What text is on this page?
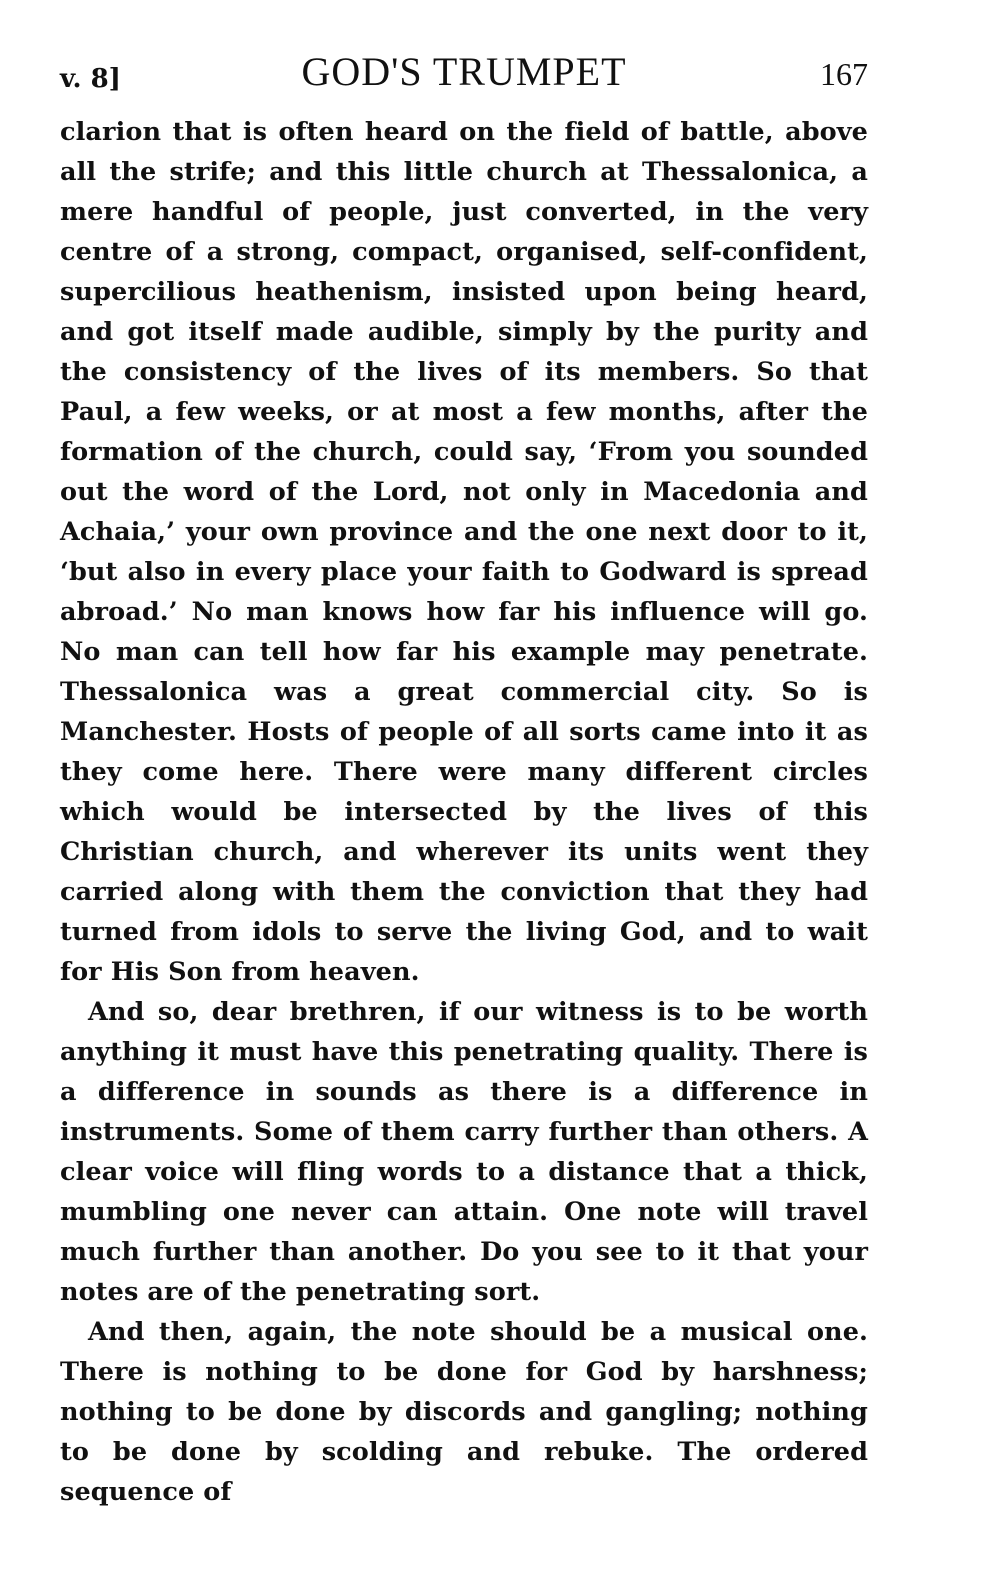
v. 8]	GOD'S TRUMPET	167

clarion that is often heard on the field of battle, above all the strife; and this little church at Thessalonica, a mere handful of people, just converted, in the very centre of a strong, compact, organised, self-confident, supercilious heathenism, insisted upon being heard, and got itself made audible, simply by the purity and the consistency of the lives of its members. So that Paul, a few weeks, or at most a few months, after the formation of the church, could say, ‘From you sounded out the word of the Lord, not only in Macedonia and Achaia,’ your own province and the one next door to it, ‘but also in every place your faith to Godward is spread abroad.’ No man knows how far his influence will go. No man can tell how far his example may penetrate. Thessalonica was a great commercial city. So is Manchester. Hosts of people of all sorts came into it as they come here. There were many different circles which would be intersected by the lives of this Christian church, and wherever its units went they carried along with them the conviction that they had turned from idols to serve the living God, and to wait for His Son from heaven.

And so, dear brethren, if our witness is to be worth anything it must have this penetrating quality. There is a difference in sounds as there is a difference in instruments. Some of them carry further than others. A clear voice will fling words to a distance that a thick, mumbling one never can attain. One note will travel much further than another. Do you see to it that your notes are of the penetrating sort.

And then, again, the note should be a musical one. There is nothing to be done for God by harshness; nothing to be done by discords and gangling; nothing to be done by scolding and rebuke. The ordered sequence of
